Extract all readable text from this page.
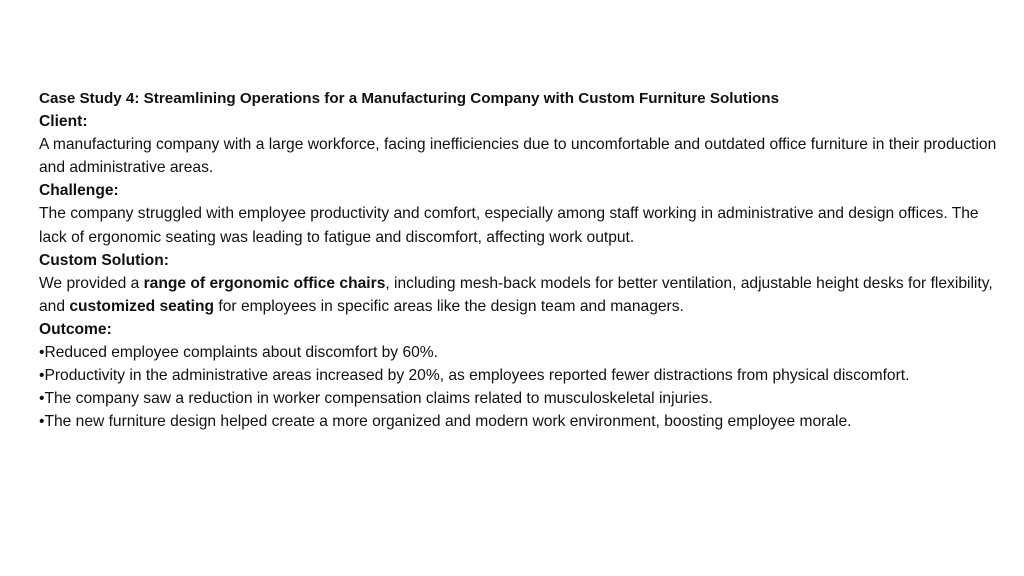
Case Study 4: Streamlining Operations for a Manufacturing Company with Custom Furniture Solutions

Client:

A manufacturing company with a large workforce, facing inefficiencies due to uncomfortable and outdated office furniture in their production and administrative areas.

Challenge:

The company struggled with employee productivity and comfort, especially among staff working in administrative and design offices. The lack of ergonomic seating was leading to fatigue and discomfort, affecting work output.

Custom Solution:

We provided a range of ergonomic office chairs, including mesh-back models for better ventilation, adjustable height desks for flexibility, and customized seating for employees in specific areas like the design team and managers.

Outcome:

•Reduced employee complaints about discomfort by 60%.

•Productivity in the administrative areas increased by 20%, as employees reported fewer distractions from physical discomfort.

•The company saw a reduction in worker compensation claims related to musculoskeletal injuries.

•The new furniture design helped create a more organized and modern work environment, boosting employee morale.
